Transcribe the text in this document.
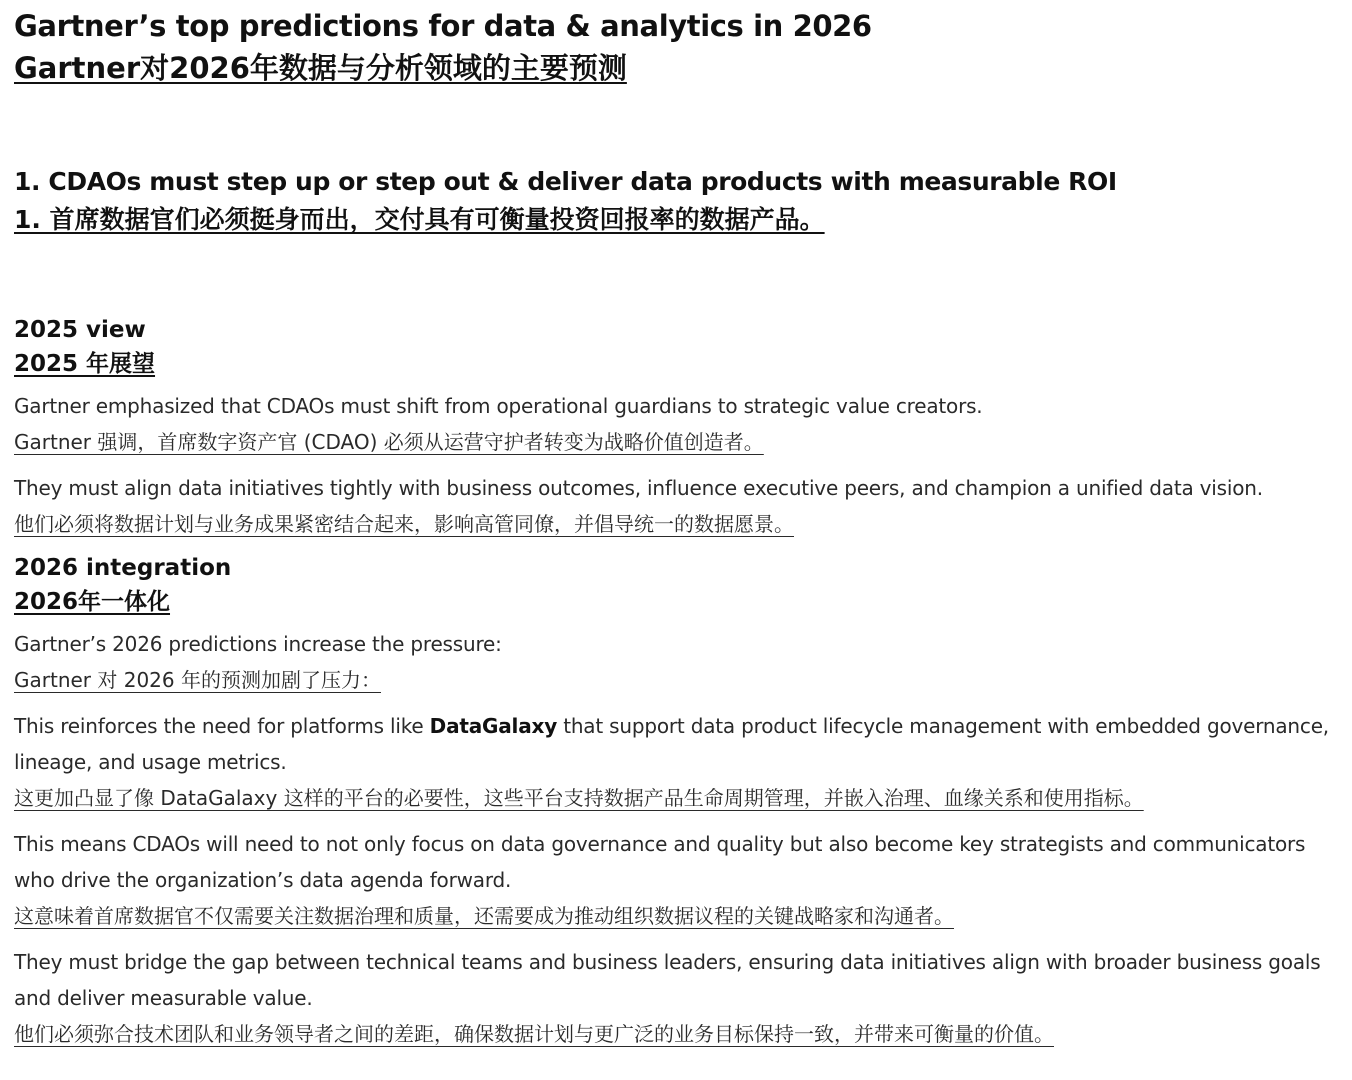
Gartner’s top predictions for data & analytics in 2026
Gartner对2026年数据与分析领域的主要预测
1. CDAOs must step up or step out & deliver data products with measurable ROI
1. 首席数据官们必须挺身而出，交付具有可衡量投资回报率的数据产品。
2025 view
2025 年展望

Gartner emphasized that CDAOs must shift from operational guardians to strategic value creators.

Gartner 强调，首席数字资产官 (CDAO) 必须从运营守护者转变为战略价值创造者。

They must align data initiatives tightly with business outcomes, influence executive peers, and champion a unified data vision.

他们必须将数据计划与业务成果紧密结合起来，影响高管同僚，并倡导统一的数据愿景。

2026 integration
2026年一体化

Gartner’s 2026 predictions increase the pressure:

Gartner 对 2026 年的预测加剧了压力：

This reinforces the need for platforms like DataGalaxy that support data product lifecycle management with embedded governance, lineage, and usage metrics.

这更加凸显了像 DataGalaxy 这样的平台的必要性，这些平台支持数据产品生命周期管理，并嵌入治理、血缘关系和使用指标。

This means CDAOs will need to not only focus on data governance and quality but also become key strategists and communicators who drive the organization’s data agenda forward.

这意味着首席数据官不仅需要关注数据治理和质量，还需要成为推动组织数据议程的关键战略家和沟通者。

They must bridge the gap between technical teams and business leaders, ensuring data initiatives align with broader business goals and deliver measurable value.

他们必须弥合技术团队和业务领导者之间的差距，确保数据计划与更广泛的业务目标保持一致，并带来可衡量的价值。
